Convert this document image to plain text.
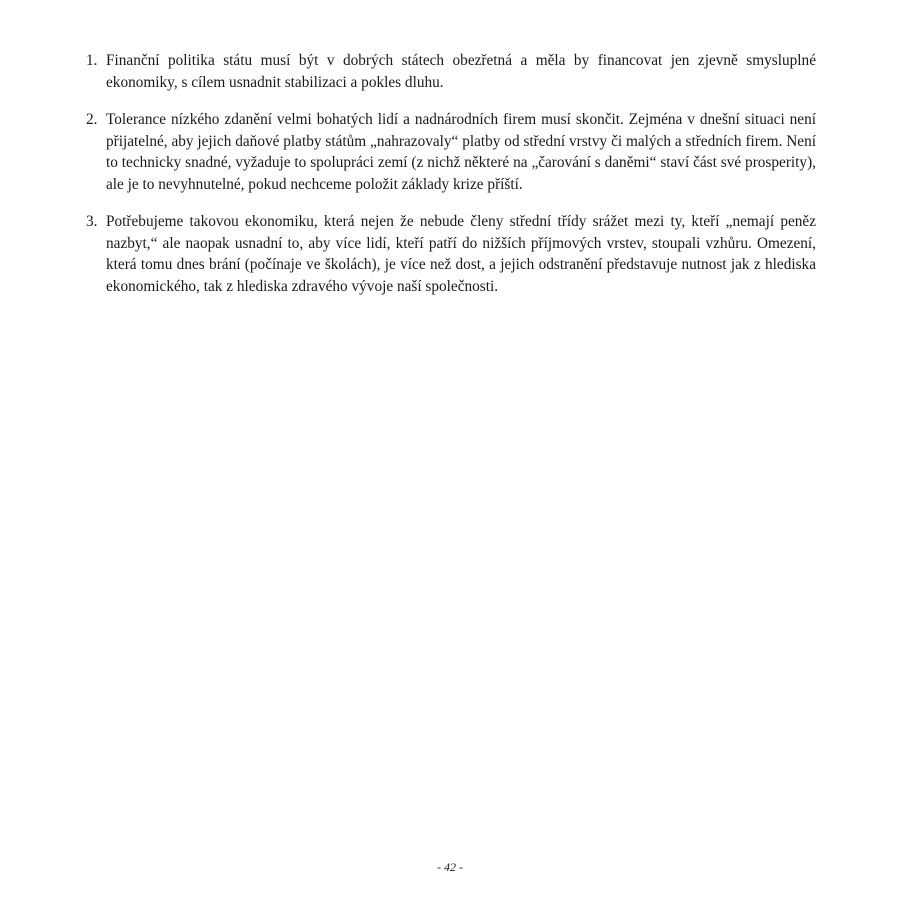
1. Finanční politika státu musí být v dobrých státech obezřetná a měla by financovat jen zjevně smysluplné ekonomiky, s cílem usnadnit stabilizaci a pokles dluhu.
2. Tolerance nízkého zdanění velmi bohatých lidí a nadnárodních firem musí skončit. Zejména v dnešní situaci není přijatelné, aby jejich daňové platby státům „nahrazovaly“ platby od střední vrstvy či malých a středních firem. Není to technicky snadné, vyžaduje to spolupráci zemí (z nichž některé na „čarování s daněmi“ staví část své prosperity), ale je to nevyhnutelné, pokud nechceme položit základy krize příští.
3. Potřebujeme takovou ekonomiku, která nejen že nebude členy střední třídy srážet mezi ty, kteří „nemají peněz nazbyt,“ ale naopak usnadní to, aby více lidí, kteří patří do nižších příjmových vrstev, stoupali vzhůru. Omezení, která tomu dnes brání (počínaje ve školách), je více než dost, a jejich odstranění představuje nutnost jak z hlediska ekonomického, tak z hlediska zdravého vývoje naší společnosti.
- 42 -
